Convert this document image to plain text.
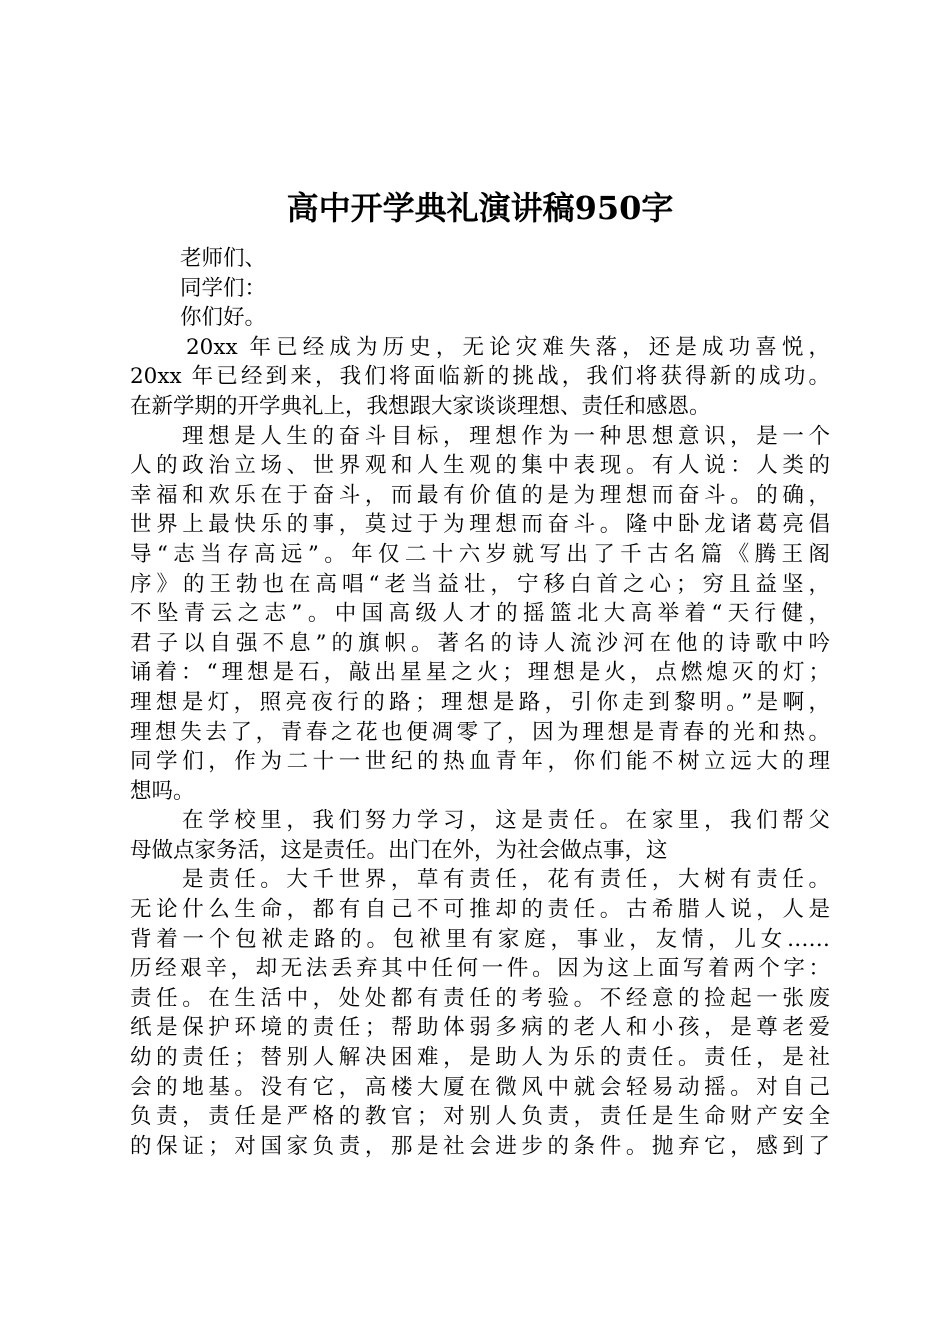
高中开学典礼演讲稿950字
老师们、
同学们：
你们好。
20xx 年已经成为历史，无论灾难失落，还是成功喜悦，
20xx 年已经到来，我们将面临新的挑战，我们将获得新的成功。
在新学期的开学典礼上，我想跟大家谈谈理想、责任和感恩。
理想是人生的奋斗目标，理想作为一种思想意识，是一个
人的政治立场、世界观和人生观的集中表现。有人说：人类的
幸福和欢乐在于奋斗，而最有价值的是为理想而奋斗。的确，
世界上最快乐的事，莫过于为理想而奋斗。隆中卧龙诸葛亮倡
导“志当存高远”。年仅二十六岁就写出了千古名篇《腾王阁
序》的王勃也在高唱“老当益壮，宁移白首之心；穷且益坚，
不坠青云之志”。中国高级人才的摇篮北大高举着“天行健，
君子以自强不息”的旗帜。著名的诗人流沙河在他的诗歌中吟
诵着：“理想是石，敲出星星之火；理想是火，点燃熄灭的灯；
理想是灯，照亮夜行的路；理想是路，引你走到黎明。”是啊，
理想失去了，青春之花也便凋零了，因为理想是青春的光和热。
同学们，作为二十一世纪的热血青年，你们能不树立远大的理
想吗。
在学校里，我们努力学习，这是责任。在家里，我们帮父
母做点家务活，这是责任。出门在外，为社会做点事，这
是责任。大千世界，草有责任，花有责任，大树有责任。
无论什么生命，都有自己不可推却的责任。古希腊人说，人是
背着一个包袱走路的。包袱里有家庭，事业，友情，儿女……
历经艰辛，却无法丢弃其中任何一件。因为这上面写着两个字：
责任。在生活中，处处都有责任的考验。不经意的捡起一张废
纸是保护环境的责任；帮助体弱多病的老人和小孩，是尊老爱
幼的责任；替别人解决困难，是助人为乐的责任。责任，是社
会的地基。没有它，高楼大厦在微风中就会轻易动摇。对自己
负责，责任是严格的教官；对别人负责，责任是生命财产安全
的保证；对国家负责，那是社会进步的条件。抛弃它，感到了
